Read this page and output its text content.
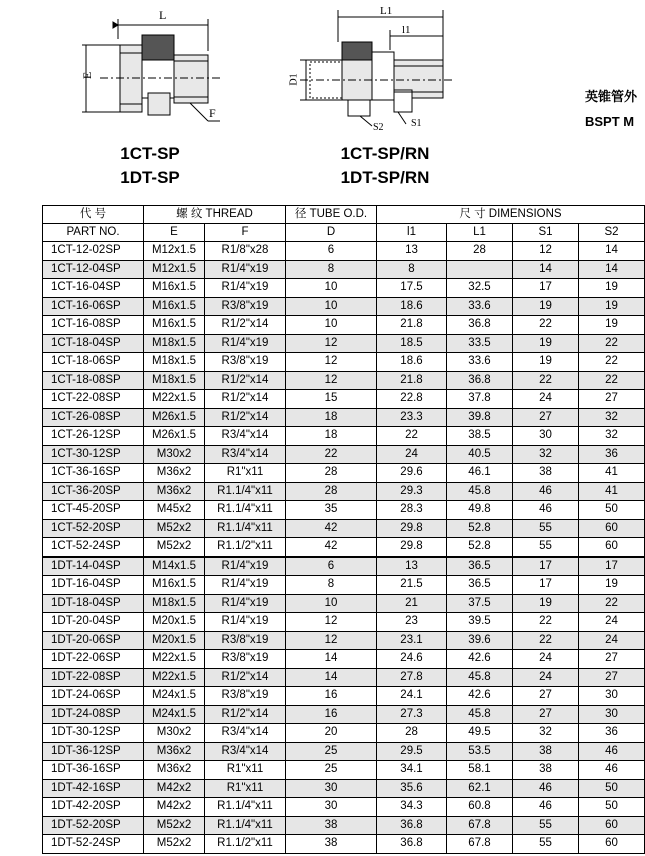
L
E
F
L1
l1
D1
S2	S1
1CT-SP
1DT-SP
1CT-SP/RN
1DT-SP/RN
英锥管外
BSPT M
代 号	螺 纹 THREAD		径 TUBE O.D.	尺 寸 DIMENSIONS			
PART NO.	E	F	D	l1	L1	S1	S2
1CT-12-02SP	M12x1.5	R1/8"x28	6	13	28	12	14
1CT-12-04SP	M12x1.5	R1/4"x19	8	8		14	14
1CT-16-04SP	M16x1.5	R1/4"x19	10	17.5	32.5	17	19
1CT-16-06SP	M16x1.5	R3/8"x19	10	18.6	33.6	19	19
1CT-16-08SP	M16x1.5	R1/2"x14	10	21.8	36.8	22	19
1CT-18-04SP	M18x1.5	R1/4"x19	12	18.5	33.5	19	22
1CT-18-06SP	M18x1.5	R3/8"x19	12	18.6	33.6	19	22
1CT-18-08SP	M18x1.5	R1/2"x14	12	21.8	36.8	22	22
1CT-22-08SP	M22x1.5	R1/2"x14	15	22.8	37.8	24	27
1CT-26-08SP	M26x1.5	R1/2"x14	18	23.3	39.8	27	32
1CT-26-12SP	M26x1.5	R3/4"x14	18	22	38.5	30	32
1CT-30-12SP	M30x2	R3/4"x14	22	24	40.5	32	36
1CT-36-16SP	M36x2	R1"x11	28	29.6	46.1	38	41
1CT-36-20SP	M36x2	R1.1/4"x11	28	29.3	45.8	46	41
1CT-45-20SP	M45x2	R1.1/4"x11	35	28.3	49.8	46	50
1CT-52-20SP	M52x2	R1.1/4"x11	42	29.8	52.8	55	60
1CT-52-24SP	M52x2	R1.1/2"x11	42	29.8	52.8	55	60
1DT-14-04SP	M14x1.5	R1/4"x19	6	13	36.5	17	17
1DT-16-04SP	M16x1.5	R1/4"x19	8	21.5	36.5	17	19
1DT-18-04SP	M18x1.5	R1/4"x19	10	21	37.5	19	22
1DT-20-04SP	M20x1.5	R1/4"x19	12	23	39.5	22	24
1DT-20-06SP	M20x1.5	R3/8"x19	12	23.1	39.6	22	24
1DT-22-06SP	M22x1.5	R3/8"x19	14	24.6	42.6	24	27
1DT-22-08SP	M22x1.5	R1/2"x14	14	27.8	45.8	24	27
1DT-24-06SP	M24x1.5	R3/8"x19	16	24.1	42.6	27	30
1DT-24-08SP	M24x1.5	R1/2"x14	16	27.3	45.8	27	30
1DT-30-12SP	M30x2	R3/4"x14	20	28	49.5	32	36
1DT-36-12SP	M36x2	R3/4"x14	25	29.5	53.5	38	46
1DT-36-16SP	M36x2	R1"x11	25	34.1	58.1	38	46
1DT-42-16SP	M42x2	R1"x11	30	35.6	62.1	46	50
1DT-42-20SP	M42x2	R1.1/4"x11	30	34.3	60.8	46	50
1DT-52-20SP	M52x2	R1.1/4"x11	38	36.8	67.8	55	60
1DT-52-24SP	M52x2	R1.1/2"x11	38	36.8	67.8	55	60
